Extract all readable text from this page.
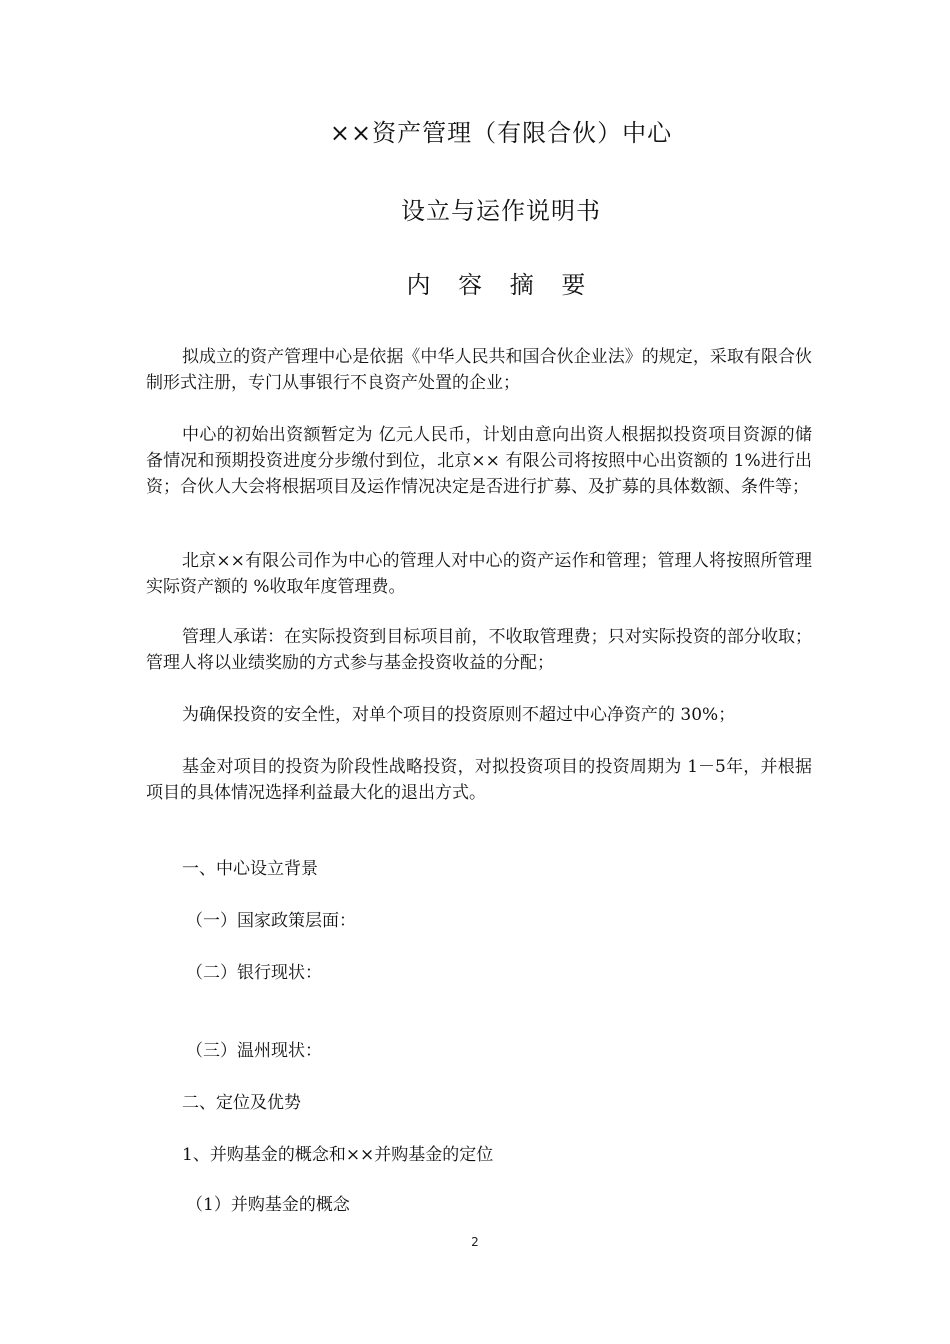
××资产管理（有限合伙）中心
设立与运作说明书
内 容 摘 要
拟成立的资产管理中心是依据《中华人民共和国合伙企业法》的规定，采取有限合伙制形式注册，专门从事银行不良资产处置的企业；
中心的初始出资额暂定为 亿元人民币，计划由意向出资人根据拟投资项目资源的储备情况和预期投资进度分步缴付到位，北京×× 有限公司将按照中心出资额的 1%进行出资；合伙人大会将根据项目及运作情况决定是否进行扩募、及扩募的具体数额、条件等；
北京××有限公司作为中心的管理人对中心的资产运作和管理；管理人将按照所管理实际资产额的 %收取年度管理费。
管理人承诺：在实际投资到目标项目前，不收取管理费；只对实际投资的部分收取；管理人将以业绩奖励的方式参与基金投资收益的分配；
为确保投资的安全性，对单个项目的投资原则不超过中心净资产的 30%；
基金对项目的投资为阶段性战略投资，对拟投资项目的投资周期为 1－5年，并根据项目的具体情况选择利益最大化的退出方式。
一、中心设立背景
（一）国家政策层面：
（二）银行现状：
（三）温州现状：
二、定位及优势
1、并购基金的概念和××并购基金的定位
（1）并购基金的概念
2
